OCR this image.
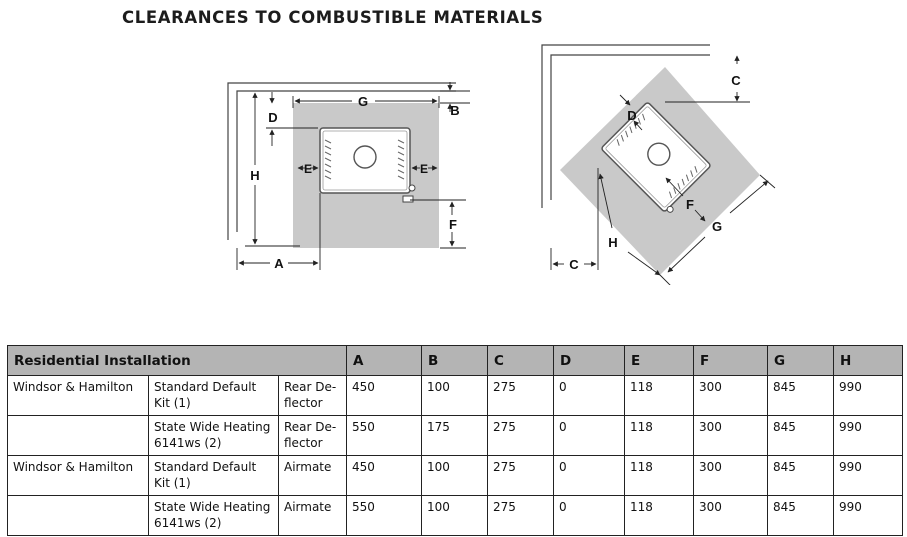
CLEARANCES TO COMBUSTIBLE MATERIALS
G
B
D
H	E	E
F
A
C
D
F
G
H
C
Residential Installation			A	B	C	D	E	F	G	H
Windsor & Hamilton	Standard Default Kit (1)	Rear De-flector	450	100	275	0	118	300	845	990
	State Wide Heating 6141ws (2)	Rear De-flector	550	175	275	0	118	300	845	990
Windsor & Hamilton	Standard Default Kit (1)	Airmate	450	100	275	0	118	300	845	990
	State Wide Heating 6141ws (2)	Airmate	550	100	275	0	118	300	845	990
